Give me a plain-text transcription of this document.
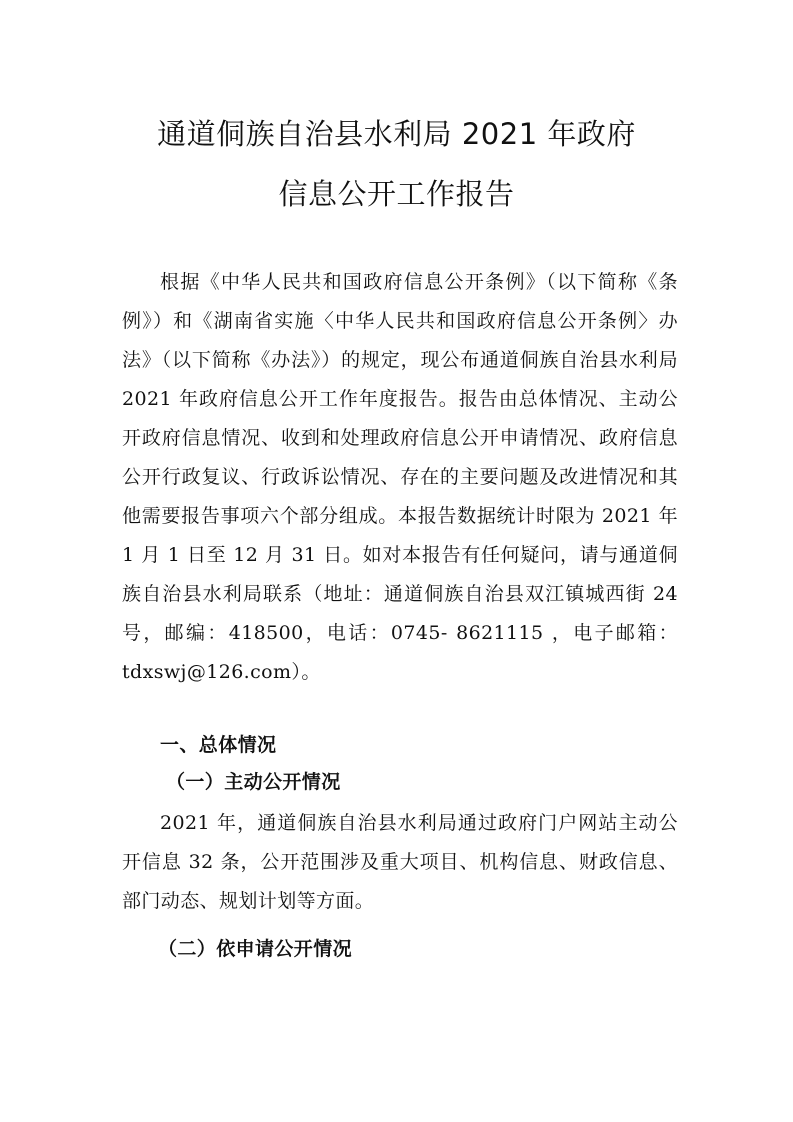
通道侗族自治县水利局 2021 年政府
信息公开工作报告

根据《中华人民共和国政府信息公开条例》（以下简称《条例》）和《湖南省实施〈中华人民共和国政府信息公开条例〉办法》（以下简称《办法》）的规定，现公布通道侗族自治县水利局 2021 年政府信息公开工作年度报告。报告由总体情况、主动公开政府信息情况、收到和处理政府信息公开申请情况、政府信息公开行政复议、行政诉讼情况、存在的主要问题及改进情况和其他需要报告事项六个部分组成。本报告数据统计时限为 2021 年 1 月 1 日至 12 月 31 日。如对本报告有任何疑问，请与通道侗族自治县水利局联系（地址：通道侗族自治县双江镇城西街 24 号，邮编：418500，电话：0745- 8621115 ，电子邮箱：tdxswj@126.com）。

一、总体情况
（一）主动公开情况

2021 年，通道侗族自治县水利局通过政府门户网站主动公开信息 32 条，公开范围涉及重大项目、机构信息、财政信息、部门动态、规划计划等方面。

（二）依申请公开情况
